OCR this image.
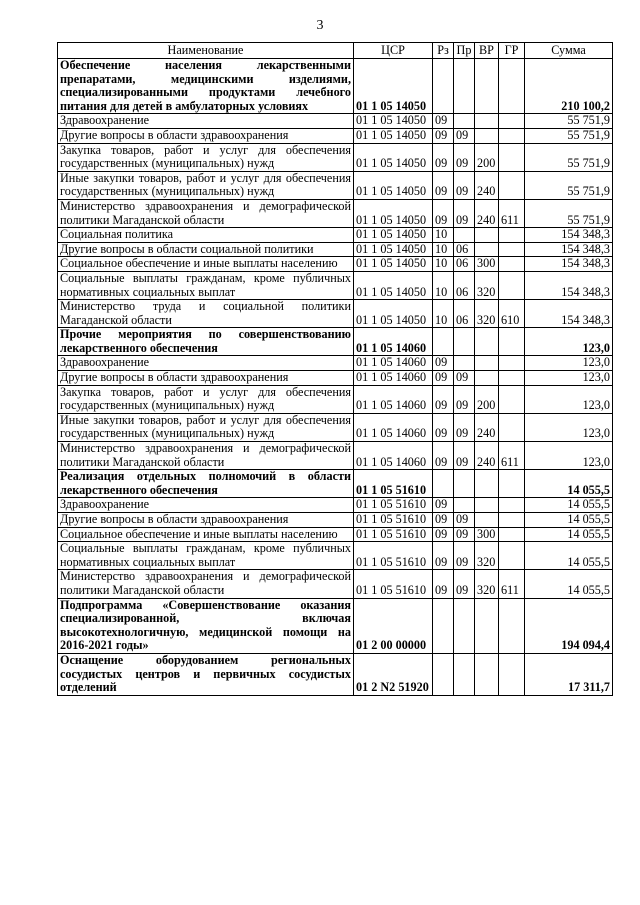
3
Наименование	ЦСР	Рз	Пр	ВР	ГР	Сумма
Обеспечение населения лекарственными препаратами, медицинскими изделиями, специализированными продуктами лечебного питания для детей в амбулаторных условиях	01 1 05 14050					210 100,2
Здравоохранение	01 1 05 14050	09				55 751,9
Другие вопросы в области здравоохранения	01 1 05 14050	09	09			55 751,9
Закупка товаров, работ и услуг для обеспечения государственных (муниципальных) нужд	01 1 05 14050	09	09	200		55 751,9
Иные закупки товаров, работ и услуг для обеспечения государственных (муниципальных) нужд	01 1 05 14050	09	09	240		55 751,9
Министерство здравоохранения и демографической политики Магаданской области	01 1 05 14050	09	09	240	611	55 751,9
Социальная политика	01 1 05 14050	10				154 348,3
Другие вопросы в области социальной политики	01 1 05 14050	10	06			154 348,3
Социальное обеспечение и иные выплаты населению	01 1 05 14050	10	06	300		154 348,3
Социальные выплаты гражданам, кроме публичных нормативных социальных выплат	01 1 05 14050	10	06	320		154 348,3
Министерство труда и социальной политики Магаданской области	01 1 05 14050	10	06	320	610	154 348,3
Прочие мероприятия по совершенствованию лекарственного обеспечения	01 1 05 14060					123,0
Здравоохранение	01 1 05 14060	09				123,0
Другие вопросы в области здравоохранения	01 1 05 14060	09	09			123,0
Закупка товаров, работ и услуг для обеспечения государственных (муниципальных) нужд	01 1 05 14060	09	09	200		123,0
Иные закупки товаров, работ и услуг для обеспечения государственных (муниципальных) нужд	01 1 05 14060	09	09	240		123,0
Министерство здравоохранения и демографической политики Магаданской области	01 1 05 14060	09	09	240	611	123,0
Реализация отдельных полномочий в области лекарственного обеспечения	01 1 05 51610					14 055,5
Здравоохранение	01 1 05 51610	09				14 055,5
Другие вопросы в области здравоохранения	01 1 05 51610	09	09			14 055,5
Социальное обеспечение и иные выплаты населению	01 1 05 51610	09	09	300		14 055,5
Социальные выплаты гражданам, кроме публичных нормативных социальных выплат	01 1 05 51610	09	09	320		14 055,5
Министерство здравоохранения и демографической политики Магаданской области	01 1 05 51610	09	09	320	611	14 055,5
Подпрограмма «Совершенствование оказания специализированной, включая высокотехнологичную, медицинской помощи на 2016-2021 годы»	01 2 00 00000					194 094,4
Оснащение оборудованием региональных сосудистых центров и первичных сосудистых отделений	01 2 N2 51920					17 311,7
